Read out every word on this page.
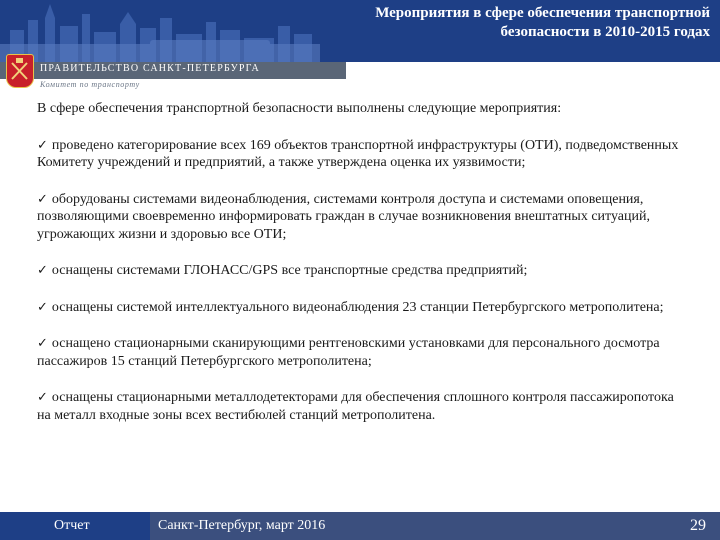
Мероприятия в сфере обеспечения транспортной
безопасности в 2010-2015 годах
ПРАВИТЕЛЬСТВО САНКТ-ПЕТЕРБУРГА
Комитет по транспорту

В сфере обеспечения транспортной безопасности выполнены следующие мероприятия:

✓ проведено категорирование всех 169 объектов транспортной инфраструктуры (ОТИ), подведомственных Комитету учреждений и предприятий, а также утверждена оценка их уязвимости;

✓ оборудованы системами видеонаблюдения, системами контроля доступа и системами оповещения, позволяющими своевременно информировать граждан в случае возникновения внештатных ситуаций, угрожающих жизни и здоровью все ОТИ;

✓ оснащены системами ГЛОНАСС/GPS все транспортные средства предприятий;

✓ оснащены системой интеллектуального видеонаблюдения 23 станции Петербургского метрополитена;

✓ оснащено стационарными сканирующими рентгеновскими установками для персонального досмотра пассажиров 15 станций Петербургского метрополитена;

✓ оснащены стационарными металлодетекторами для обеспечения сплошного контроля пассажиропотока на металл входные зоны всех вестибюлей станций метрополитена.

Отчет	Санкт-Петербург, март 2016	29
